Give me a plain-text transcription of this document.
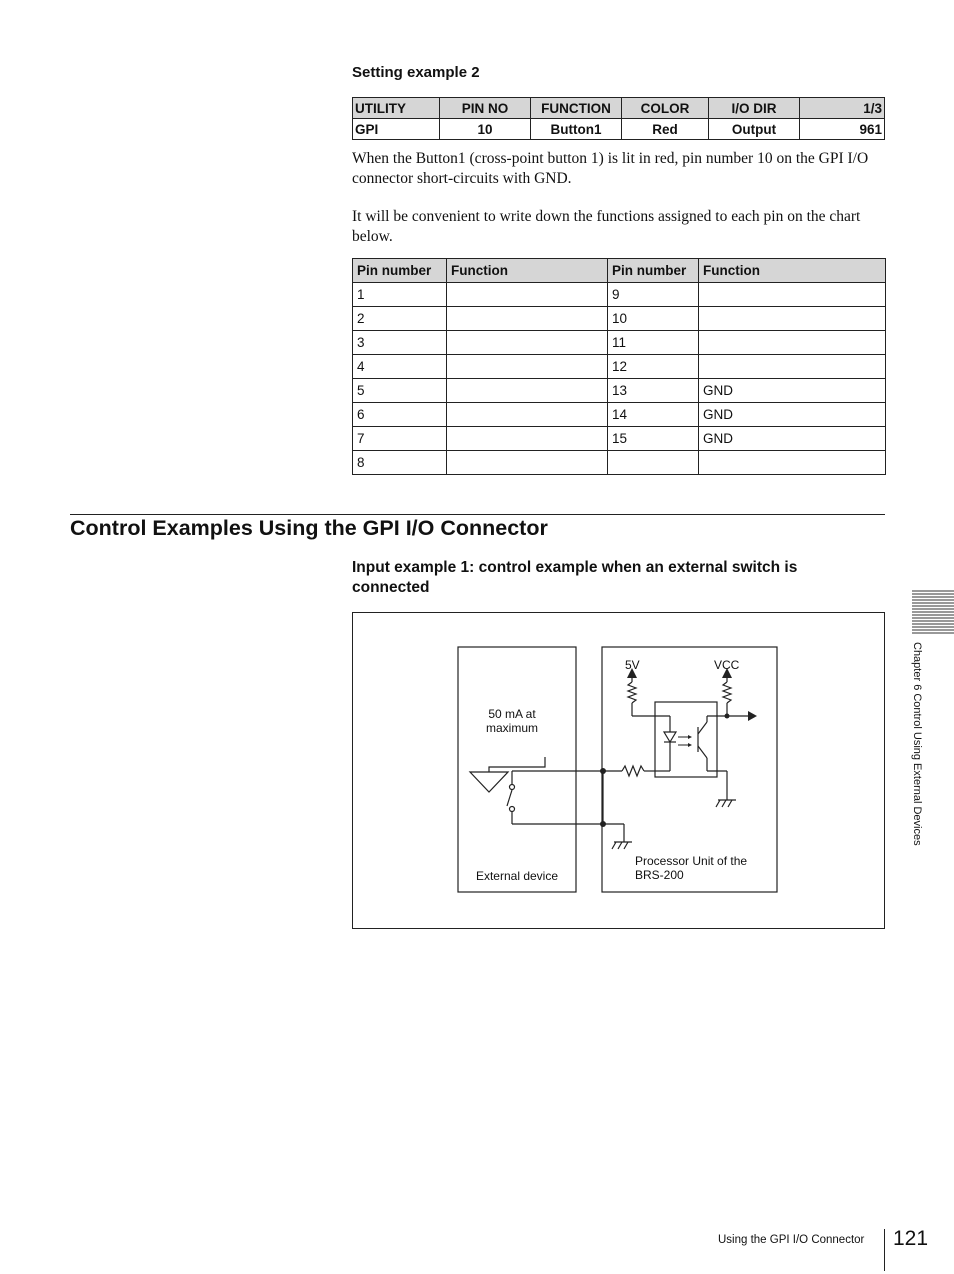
Setting example 2
UTILITY	PIN NO	FUNCTION	COLOR	I/O DIR	1/3
GPI	10	Button1	Red	Output	961
When the Button1 (cross-point button 1) is lit in red, pin number 10 on the GPI I/O connector short-circuits with GND.
It will be convenient to write down the functions assigned to each pin on the chart below.
Pin number	Function	Pin number	Function
1		9	
2		10	
3		11	
4		12	
5		13	GND
6		14	GND
7		15	GND
8			
Control Examples Using the GPI I/O Connector
Input example 1: control example when an external switch is connected
50 mA at
maximum
External device
5V	VCC
Processor Unit of the
BRS-200
Chapter 6 Control Using External Devices
Using the GPI I/O Connector 121
